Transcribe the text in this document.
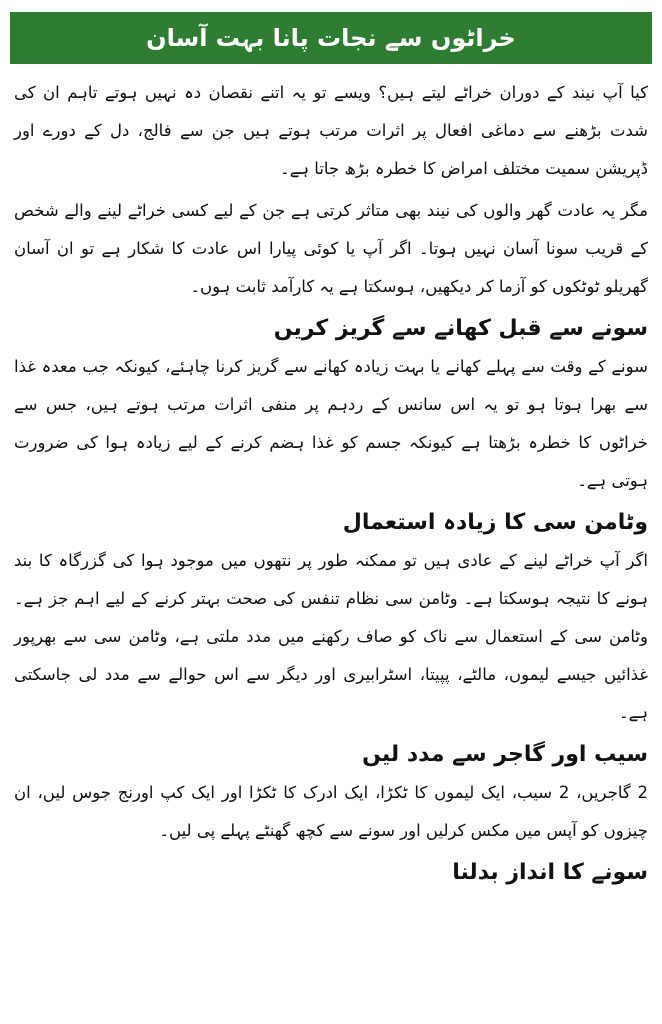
خراٹوں سے نجات پانا بہت آسان

کیا آپ نیند کے دوران خراٹے لیتے ہیں؟ ویسے تو یہ اتنے نقصان دہ نہیں ہوتے تاہم ان کی شدت بڑھنے سے دماغی افعال پر اثرات مرتب ہوتے ہیں جن سے فالج، دل کے دورے اور ڈپریشن سمیت مختلف امراض کا خطرہ بڑھ جاتا ہے۔

مگر یہ عادت گھر والوں کی نیند بھی متاثر کرتی ہے جن کے لیے کسی خراٹے لینے والے شخص کے قریب سونا آسان نہیں ہوتا۔ اگر آپ یا کوئی پیارا اس عادت کا شکار ہے تو ان آسان گھریلو ٹوٹکوں کو آزما کر دیکھیں، ہوسکتا ہے یہ کارآمد ثابت ہوں۔

سونے سے قبل کھانے سے گریز کریں

سونے کے وقت سے پہلے کھانے یا بہت زیادہ کھانے سے گریز کرنا چاہئے، کیونکہ جب معدہ غذا سے بھرا ہوتا ہو تو یہ اس سانس کے ردہم پر منفی اثرات مرتب ہوتے ہیں، جس سے خراٹوں کا خطرہ بڑھتا ہے کیونکہ جسم کو غذا ہضم کرنے کے لیے زیادہ ہوا کی ضرورت ہوتی ہے۔

وٹامن سی کا زیادہ استعمال

اگر آپ خراٹے لینے کے عادی ہیں تو ممکنہ طور پر نتھوں میں موجود ہوا کی گزرگاہ کا بند ہونے کا نتیجہ ہوسکتا ہے۔ وٹامن سی نظام تنفس کی صحت بہتر کرنے کے لیے اہم جز ہے۔ وٹامن سی کے استعمال سے ناک کو صاف رکھنے میں مدد ملتی ہے، وٹامن سی سے بھرپور غذائیں جیسے لیموں، مالٹے، پپیتا، اسٹرابیری اور دیگر سے اس حوالے سے مدد لی جاسکتی ہے۔

سیب اور گاجر سے مدد لیں

2 گاجریں، 2 سیب، ایک لیموں کا ٹکڑا، ایک ادرک کا ٹکڑا اور ایک کپ اورنج جوس لیں، ان چیزوں کو آپس میں مکس کرلیں اور سونے سے کچھ گھنٹے پہلے پی لیں۔

سونے کا انداز بدلنا
